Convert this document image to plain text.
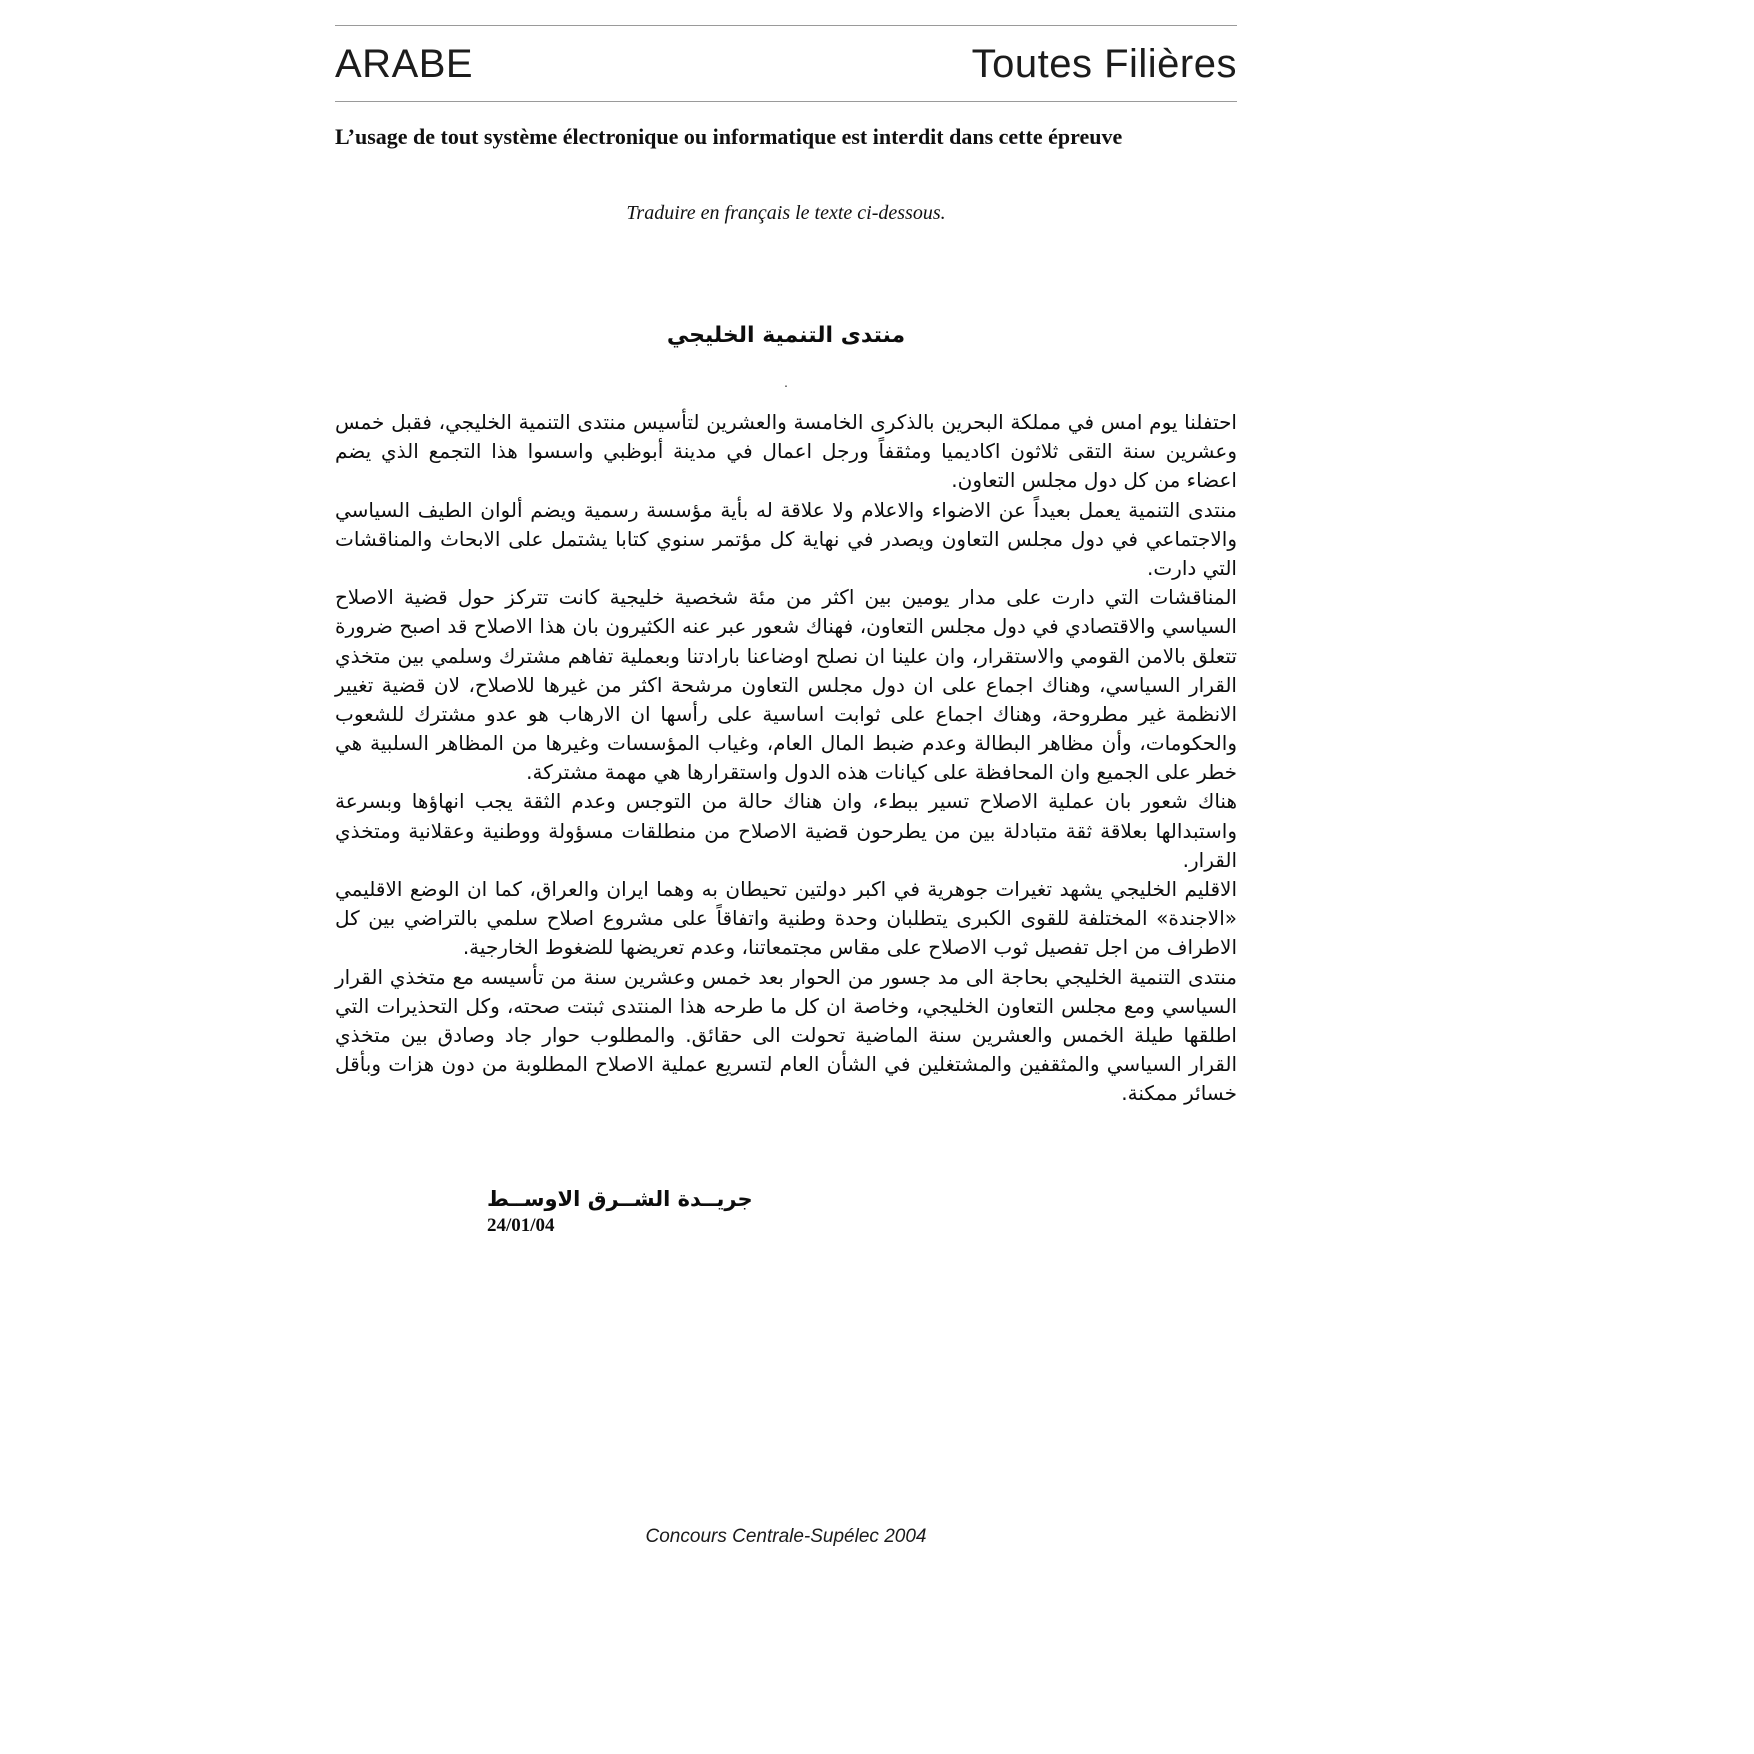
ARABE	Toutes Filières
L’usage de tout système électronique ou informatique est interdit dans cette épreuve
Traduire en français le texte ci-dessous.
منتدى التنمية الخليجي
.

احتفلنا يوم امس في مملكة البحرين بالذكرى الخامسة والعشرين لتأسيس منتدى التنمية الخليجي، فقبل خمس وعشرين سنة التقى ثلاثون اكاديميا ومثقفاً ورجل اعمال في مدينة أبوظبي واسسوا هذا التجمع الذي يضم اعضاء من كل دول مجلس التعاون.

منتدى التنمية يعمل بعيداً عن الاضواء والاعلام ولا علاقة له بأية مؤسسة رسمية ويضم ألوان الطيف السياسي والاجتماعي في دول مجلس التعاون ويصدر في نهاية كل مؤتمر سنوي كتابا يشتمل على الابحاث والمناقشات التي دارت.

المناقشات التي دارت على مدار يومين بين اكثر من مئة شخصية خليجية كانت تتركز حول قضية الاصلاح السياسي والاقتصادي في دول مجلس التعاون، فهناك شعور عبر عنه الكثيرون بان هذا الاصلاح قد اصبح ضرورة تتعلق بالامن القومي والاستقرار، وان علينا ان نصلح اوضاعنا بارادتنا وبعملية تفاهم مشترك وسلمي بين متخذي القرار السياسي، وهناك اجماع على ان دول مجلس التعاون مرشحة اكثر من غيرها للاصلاح، لان قضية تغيير الانظمة غير مطروحة، وهناك اجماع على ثوابت اساسية على رأسها ان الارهاب هو عدو مشترك للشعوب والحكومات، وأن مظاهر البطالة وعدم ضبط المال العام، وغياب المؤسسات وغيرها من المظاهر السلبية هي خطر على الجميع وان المحافظة على كيانات هذه الدول واستقرارها هي مهمة مشتركة.

هناك شعور بان عملية الاصلاح تسير ببطء، وان هناك حالة من التوجس وعدم الثقة يجب انهاؤها وبسرعة واستبدالها بعلاقة ثقة متبادلة بين من يطرحون قضية الاصلاح من منطلقات مسؤولة ووطنية وعقلانية ومتخذي القرار.

الاقليم الخليجي يشهد تغيرات جوهرية في اكبر دولتين تحيطان به وهما ايران والعراق، كما ان الوضع الاقليمي «الاجندة» المختلفة للقوى الكبرى يتطلبان وحدة وطنية واتفاقاً على مشروع اصلاح سلمي بالتراضي بين كل الاطراف من اجل تفصيل ثوب الاصلاح على مقاس مجتمعاتنا، وعدم تعريضها للضغوط الخارجية.

منتدى التنمية الخليجي بحاجة الى مد جسور من الحوار بعد خمس وعشرين سنة من تأسيسه مع متخذي القرار السياسي ومع مجلس التعاون الخليجي، وخاصة ان كل ما طرحه هذا المنتدى ثبتت صحته، وكل التحذيرات التي اطلقها طيلة الخمس والعشرين سنة الماضية تحولت الى حقائق. والمطلوب حوار جاد وصادق بين متخذي القرار السياسي والمثقفين والمشتغلين في الشأن العام لتسريع عملية الاصلاح المطلوبة من دون هزات وبأقل خسائر ممكنة.

جريــدة الشــرق الاوســط
24/01/04
Concours Centrale-Supélec 2004
